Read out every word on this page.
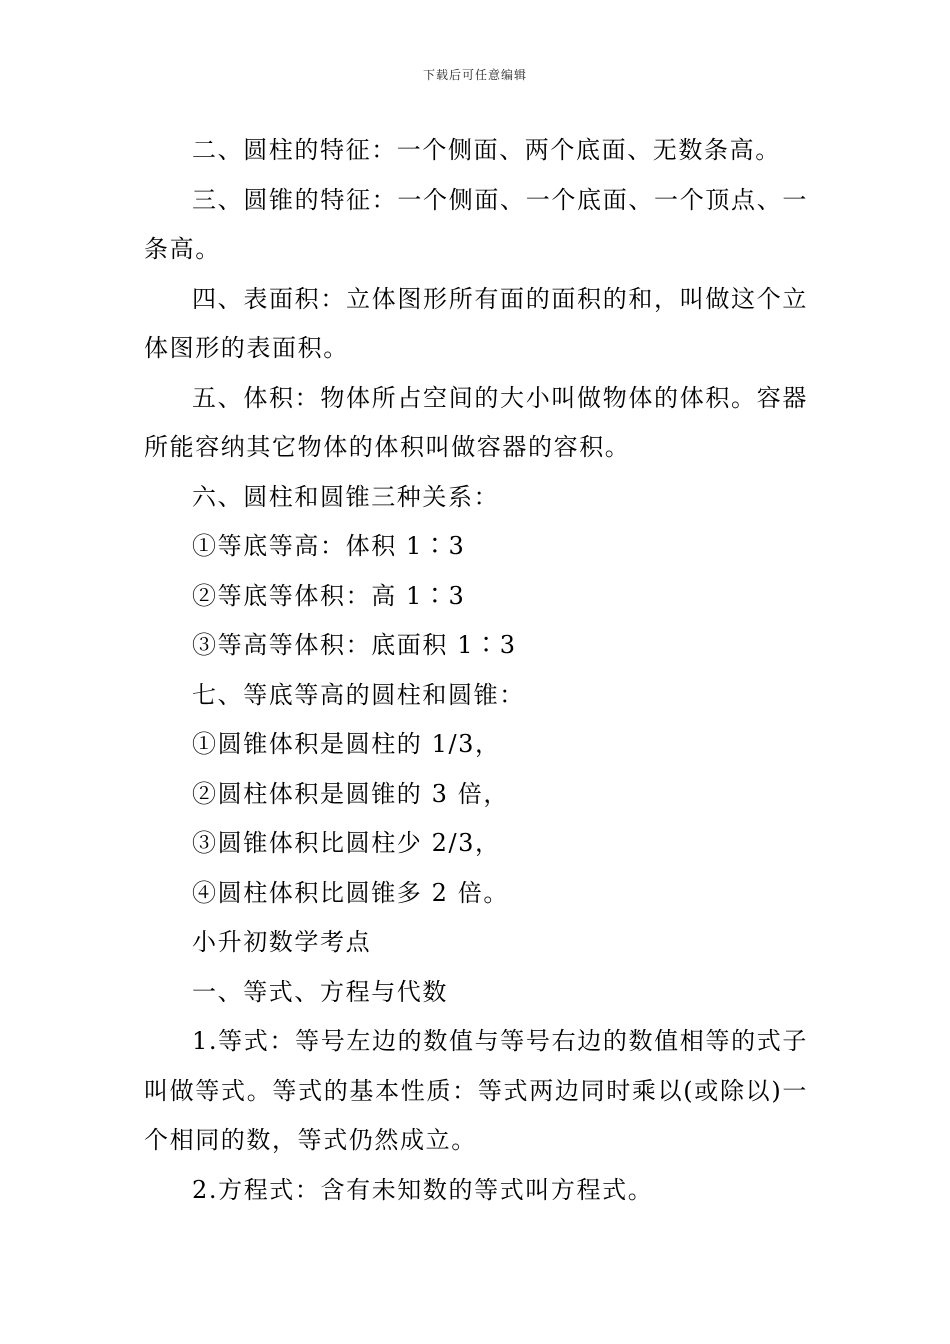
下载后可任意编辑

二、圆柱的特征：一个侧面、两个底面、无数条高。

三、圆锥的特征：一个侧面、一个底面、一个顶点、一条高。

四、表面积：立体图形所有面的面积的和，叫做这个立体图形的表面积。

五、体积：物体所占空间的大小叫做物体的体积。容器所能容纳其它物体的体积叫做容器的容积。

六、圆柱和圆锥三种关系：

①等底等高：体积 1∶3

②等底等体积：高 1∶3

③等高等体积：底面积 1∶3

七、等底等高的圆柱和圆锥：

①圆锥体积是圆柱的 1/3，

②圆柱体积是圆锥的 3 倍，

③圆锥体积比圆柱少 2/3，

④圆柱体积比圆锥多 2 倍。

小升初数学考点

一、等式、方程与代数

1.等式：等号左边的数值与等号右边的数值相等的式子叫做等式。等式的基本性质：等式两边同时乘以(或除以)一个相同的数，等式仍然成立。

2.方程式：含有未知数的等式叫方程式。
